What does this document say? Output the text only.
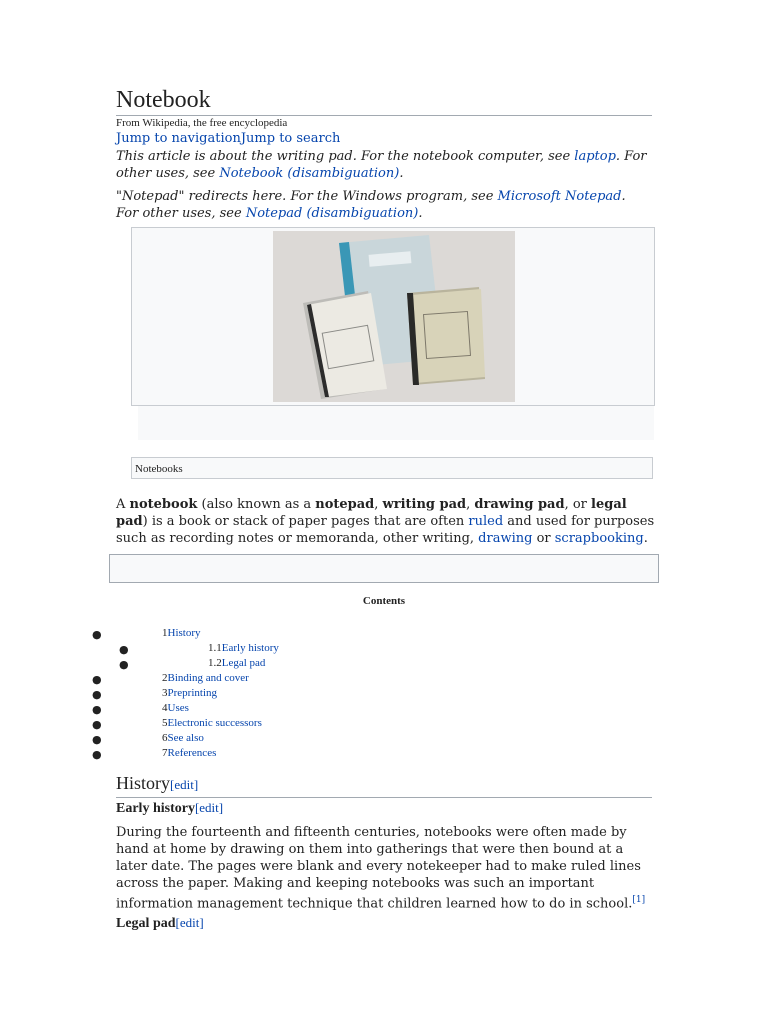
Notebook
From Wikipedia, the free encyclopedia
Jump to navigationJump to search
This article is about the writing pad. For the notebook computer, see laptop. For other uses, see Notebook (disambiguation).
"Notepad" redirects here. For the Windows program, see Microsoft Notepad. For other uses, see Notepad (disambiguation).
Notebooks
A notebook (also known as a notepad, writing pad, drawing pad, or legal pad) is a book or stack of paper pages that are often ruled and used for purposes such as recording notes or memoranda, other writing, drawing or scrapbooking.
Contents
●	1History
●	1.1Early history
●	1.2Legal pad
●	2Binding and cover
●	3Preprinting
●	4Uses
●	5Electronic successors
●	6See also
●	7References
History[edit]
Early history[edit]
During the fourteenth and fifteenth centuries, notebooks were often made by hand at home by drawing on them into gatherings that were then bound at a later date. The pages were blank and every notekeeper had to make ruled lines across the paper. Making and keeping notebooks was such an important information management technique that children learned how to do in school.[1]
Legal pad[edit]
